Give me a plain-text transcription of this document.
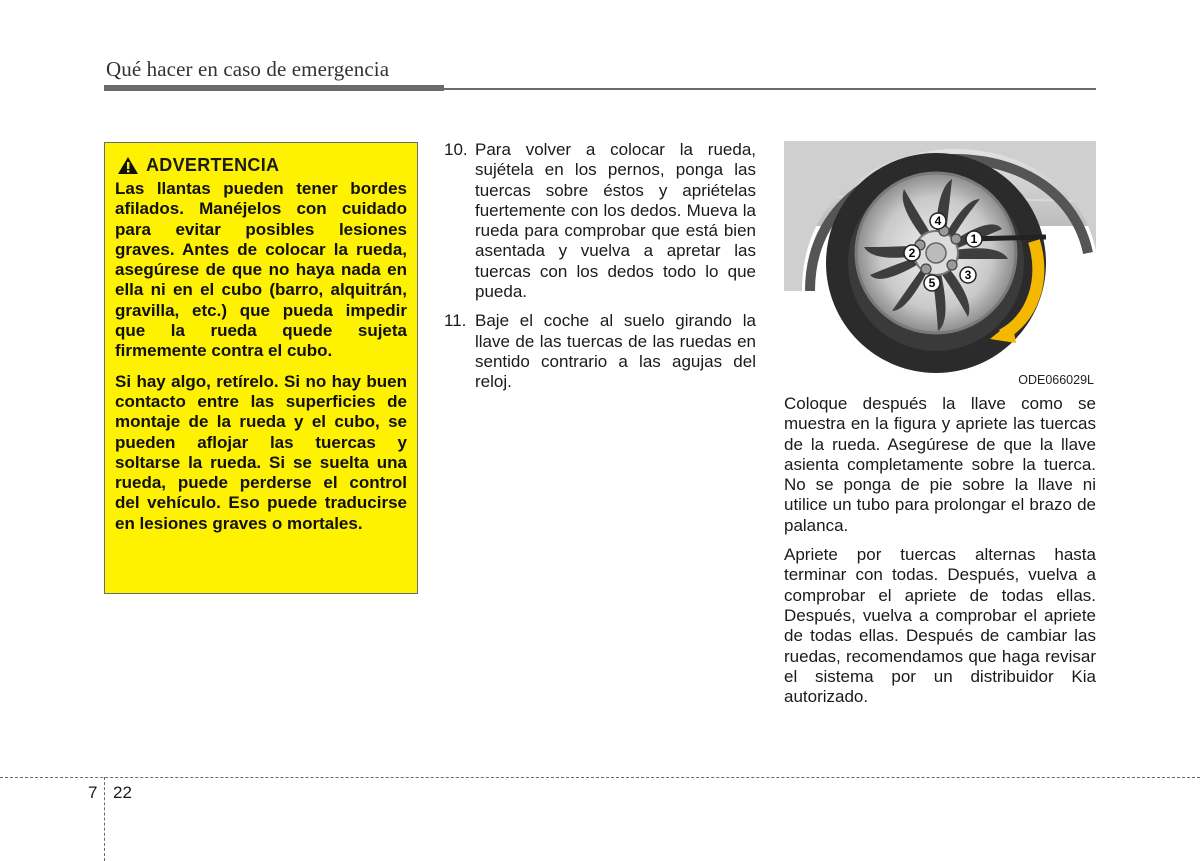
Qué hacer en caso de emergencia
ADVERTENCIA

Las llantas pueden tener bordes afilados. Manéjelos con cuidado para evitar posibles lesiones graves. Antes de colocar la rueda, asegúrese de que no haya nada en ella ni en el cubo (barro, alquitrán, gravilla, etc.) que pueda impedir que la rueda quede sujeta firmemente contra el cubo.

Si hay algo, retírelo. Si no hay buen contacto entre las superficies de montaje de la rueda y el cubo, se pueden aflojar las tuercas y soltarse la rueda. Si se suelta una rueda, puede perderse el control del vehículo. Eso puede traducirse en lesiones graves o mortales.

10. Para volver a colocar la rueda, sujétela en los pernos, ponga las tuercas sobre éstos y apriételas fuertemente con los dedos. Mueva la rueda para comprobar que está bien asentada y vuelva a apretar las tuercas con los dedos todo lo que pueda.

11. Baje el coche al suelo girando la llave de las tuercas de las ruedas en sentido contrario a las agujas del reloj.

1
2
3
4
5
ODE066029L

Coloque después la llave como se muestra en la figura y apriete las tuercas de la rueda. Asegúrese de que la llave asienta completamente sobre la tuerca. No se ponga de pie sobre la llave ni utilice un tubo para prolongar el brazo de palanca.

Apriete por tuercas alternas hasta terminar con todas. Después, vuelva a comprobar el apriete de todas ellas. Después, vuelva a comprobar el apriete de todas ellas. Después de cambiar las ruedas, recomendamos que haga revisar el sistema por un distribuidor Kia autorizado.

7 22
